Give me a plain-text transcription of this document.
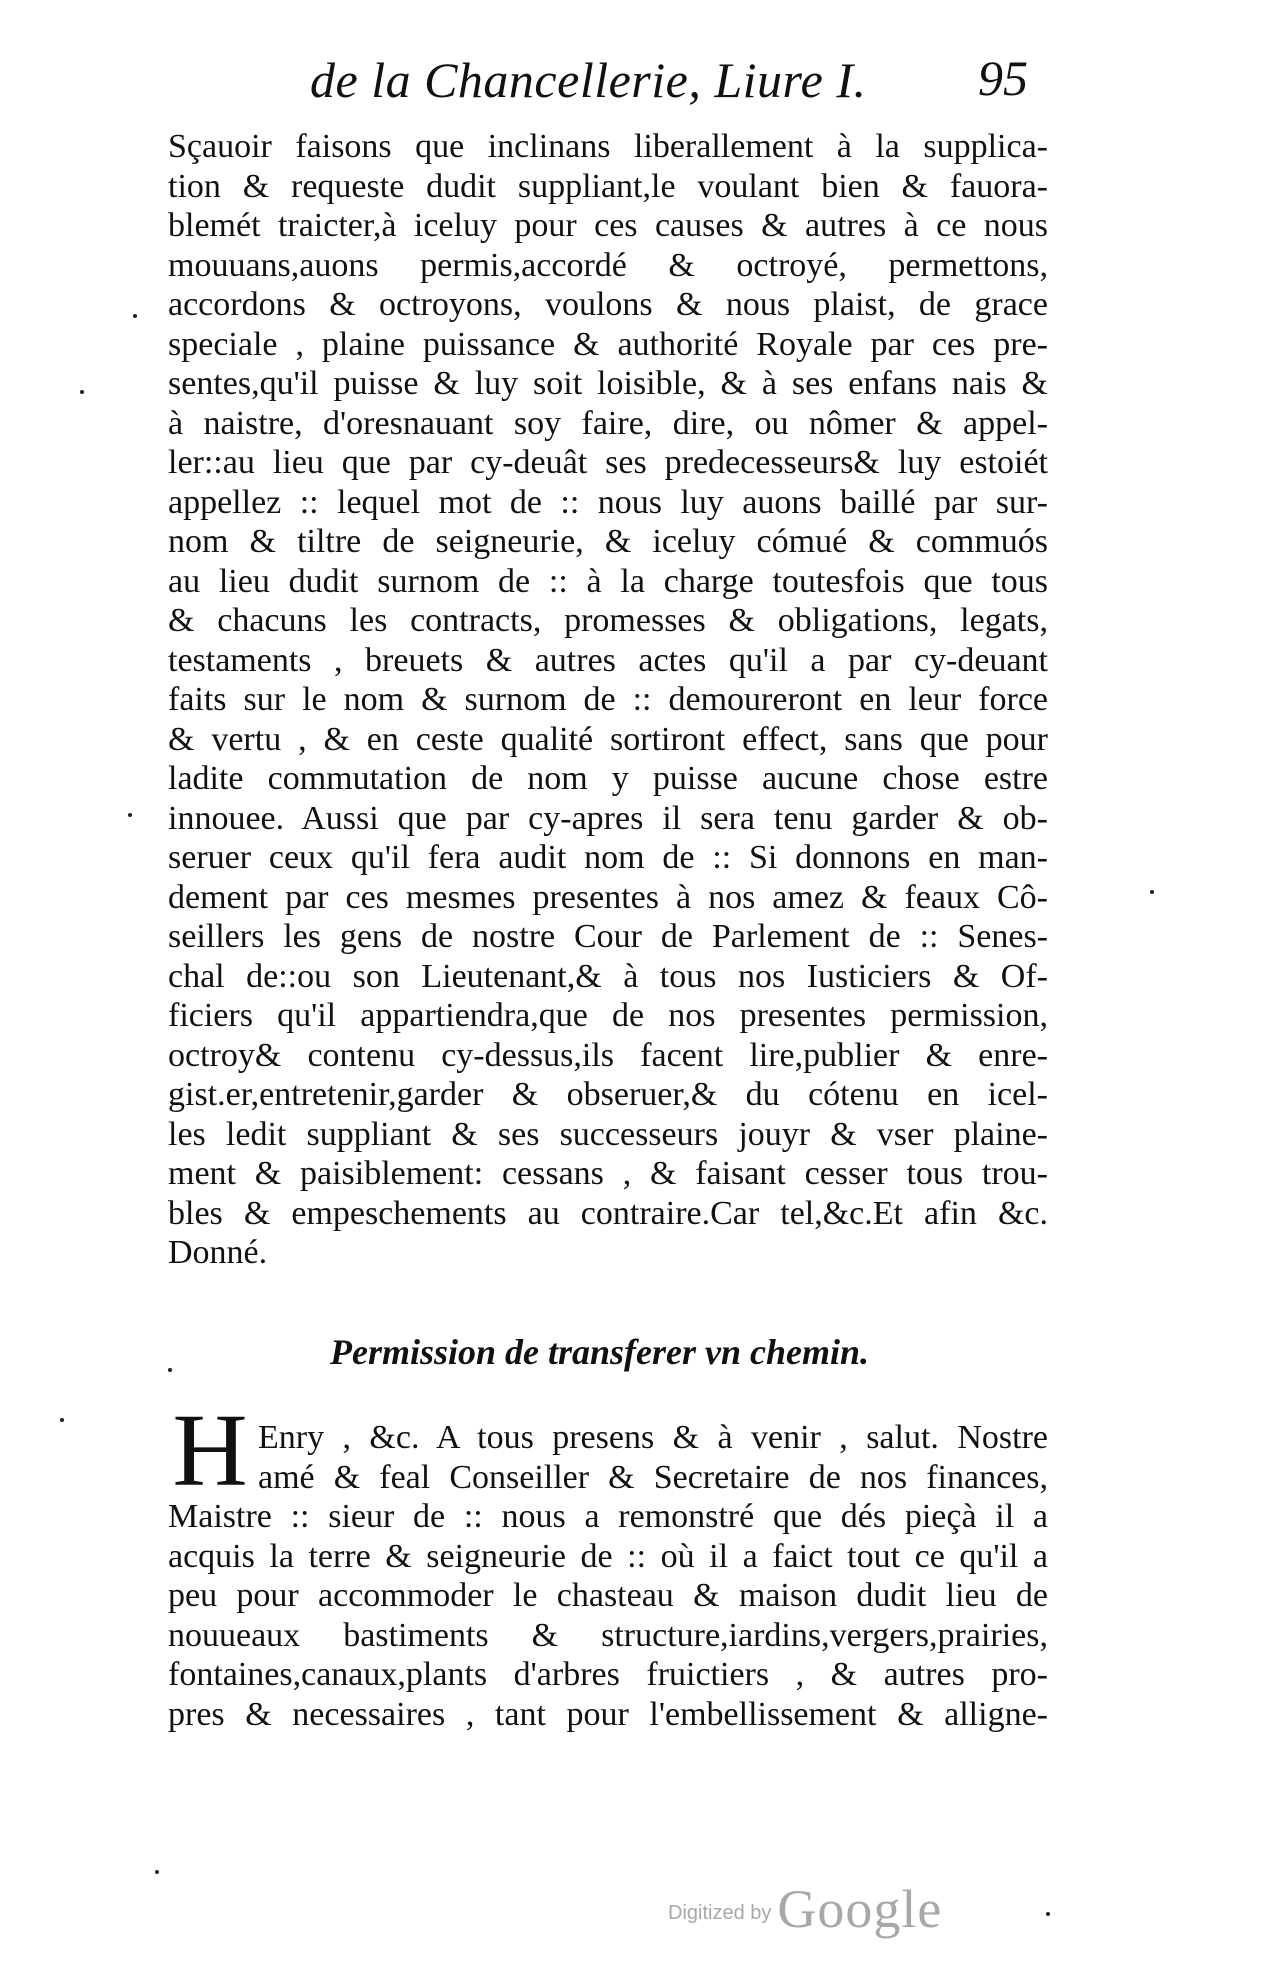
de la Chancellerie, Liure I.	95
Sçauoir faisons que inclinans liberallement à la supplica-
tion & requeste dudit suppliant,le voulant bien & fauora-
blemét traicter,à iceluy pour ces causes & autres à ce nous
mouuans,auons permis,accordé & octroyé, permettons,
accordons & octroyons, voulons & nous plaist, de grace
speciale , plaine puissance & authorité Royale par ces pre-
sentes,qu'il puisse & luy soit loisible, & à ses enfans nais &
à naistre, d'oresnauant soy faire, dire, ou nômer & appel-
ler::au lieu que par cy-deuât ses predecesseurs& luy estoiét
appellez :: lequel mot de :: nous luy auons baillé par sur-
nom & tiltre de seigneurie, & iceluy cómué & commuós
au lieu dudit surnom de :: à la charge toutesfois que tous
& chacuns les contracts, promesses & obligations, legats,
testaments , breuets & autres actes qu'il a par cy-deuant
faits sur le nom & surnom de :: demoureront en leur force
& vertu , & en ceste qualité sortiront effect, sans que pour
ladite commutation de nom y puisse aucune chose estre
innouee. Aussi que par cy-apres il sera tenu garder & ob-
seruer ceux qu'il fera audit nom de :: Si donnons en man-
dement par ces mesmes presentes à nos amez & feaux Cô-
seillers les gens de nostre Cour de Parlement de :: Senes-
chal de::ou son Lieutenant,& à tous nos Iusticiers & Of-
ficiers qu'il appartiendra,que de nos presentes permission,
octroy& contenu cy-dessus,ils facent lire,publier & enre-
gist.er,entretenir,garder & obseruer,& du cótenu en icel-
les ledit suppliant & ses successeurs jouyr & vser plaine-
ment & paisiblement: cessans , & faisant cesser tous trou-
bles & empeschements au contraire.Car tel,&c.Et afin &c.
Donné.
Permission de transferer vn chemin.
H Enry , &c. A tous presens & à venir , salut. Nostre
amé & feal Conseiller & Secretaire de nos finances,
Maistre :: sieur de :: nous a remonstré que dés pieçà il a
acquis la terre & seigneurie de :: où il a faict tout ce qu'il a
peu pour accommoder le chasteau & maison dudit lieu de
nouueaux bastiments & structure,iardins,vergers,prairies,
fontaines,canaux,plants d'arbres fruictiers , & autres pro-
pres & necessaires , tant pour l'embellissement & alligne-
Digitized by Google
